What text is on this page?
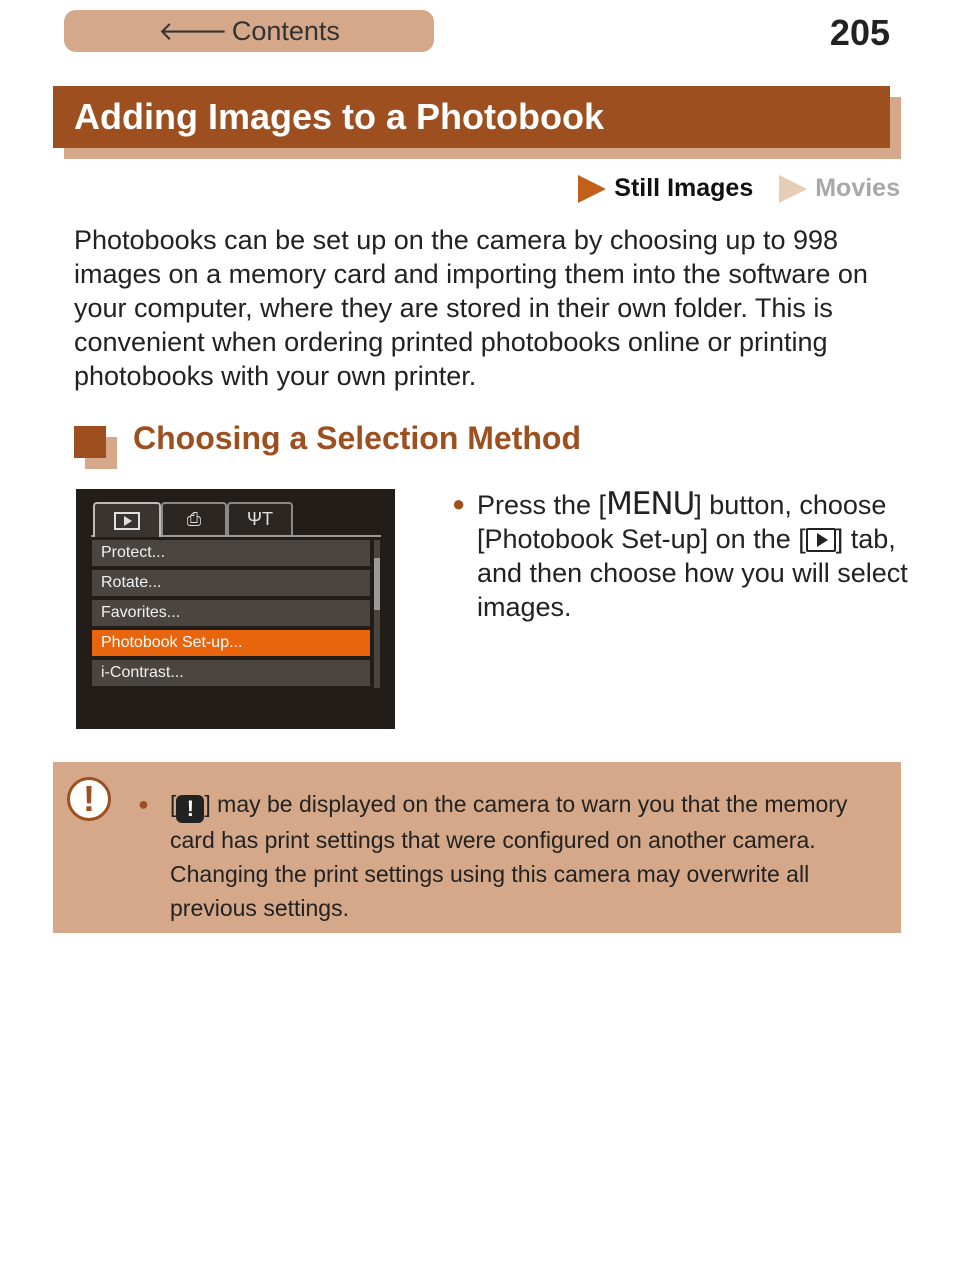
🡐 Contents	205
Adding Images to a Photobook
Still Images Movies

Photobooks can be set up on the camera by choosing up to 998 images on a memory card and importing them into the software on your computer, where they are stored in their own folder. This is convenient when ordering printed photobooks online or printing photobooks with your own printer.

Choosing a Selection Method
⎙	ΨT
Protect...
Rotate...
Favorites...
Photobook Set-up...
i-Contrast...
● Press the [MENU] button, choose [Photobook Set-up] on the [ ] tab, and then choose how you will select images.
!	● [ ! ] may be displayed on the camera to warn you that the memory card has print settings that were configured on another camera. Changing the print settings using this camera may overwrite all previous settings.
